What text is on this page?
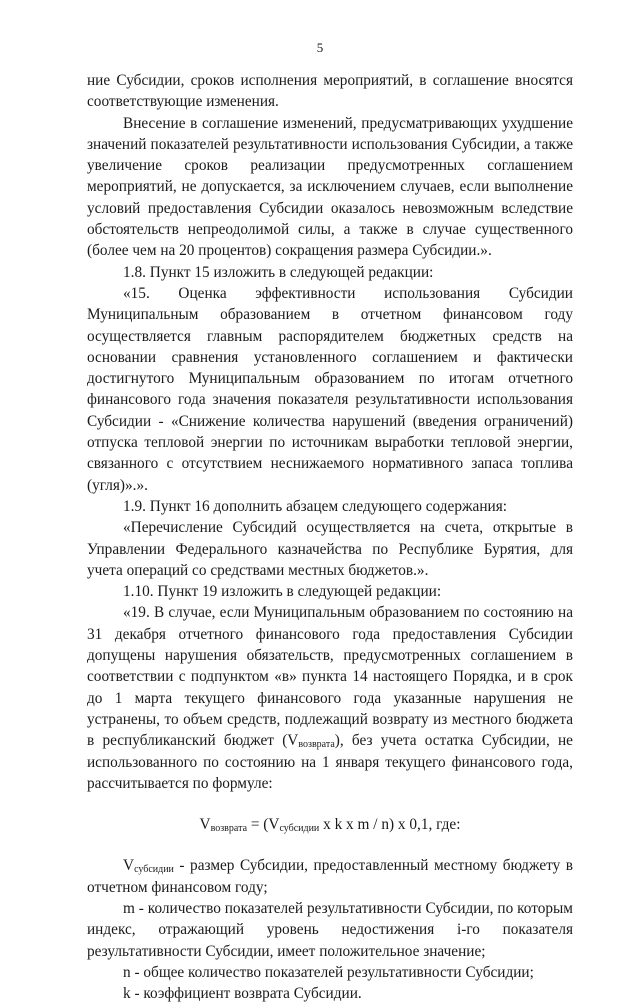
5

ние Субсидии, сроков исполнения мероприятий, в соглашение вносятся соответствующие изменения.

Внесение в соглашение изменений, предусматривающих ухудшение значений показателей результативности использования Субсидии, а также увеличение сроков реализации предусмотренных соглашением мероприятий, не допускается, за исключением случаев, если выполнение условий предоставления Субсидии оказалось невозможным вследствие обстоятельств непреодолимой силы, а также в случае существенного (более чем на 20 процентов) сокращения размера Субсидии.».

1.8. Пункт 15 изложить в следующей редакции:

«15. Оценка эффективности использования Субсидии Муниципальным образованием в отчетном финансовом году осуществляется главным распорядителем бюджетных средств на основании сравнения установленного соглашением и фактически достигнутого Муниципальным образованием по итогам отчетного финансового года значения показателя результативности использования Субсидии - «Снижение количества нарушений (введения ограничений) отпуска тепловой энергии по источникам выработки тепловой энергии, связанного с отсутствием неснижаемого нормативного запаса топлива (угля)».».

1.9. Пункт 16 дополнить абзацем следующего содержания:

«Перечисление Субсидий осуществляется на счета, открытые в Управлении Федерального казначейства по Республике Бурятия, для учета операций со средствами местных бюджетов.».

1.10. Пункт 19 изложить в следующей редакции:

«19. В случае, если Муниципальным образованием по состоянию на 31 декабря отчетного финансового года предоставления Субсидии допущены нарушения обязательств, предусмотренных соглашением в соответствии с подпунктом «в» пункта 14 настоящего Порядка, и в срок до 1 марта текущего финансового года указанные нарушения не устранены, то объем средств, подлежащий возврату из местного бюджета в республиканский бюджет $(V_{возврата})$, без учета остатка Субсидии, не использованного по состоянию на 1 января текущего финансового года, рассчитывается по формуле:

$V_{возврата} = (V_{субсидии}$ x k x m / n) x 0,1, где:

$V_{субсидии}$ - размер Субсидии, предоставленный местному бюджету в отчетном финансовом году;

m - количество показателей результативности Субсидии, по которым индекс, отражающий уровень недостижения i-го показателя результативности Субсидии, имеет положительное значение;

n - общее количество показателей результативности Субсидии;

k - коэффициент возврата Субсидии.
